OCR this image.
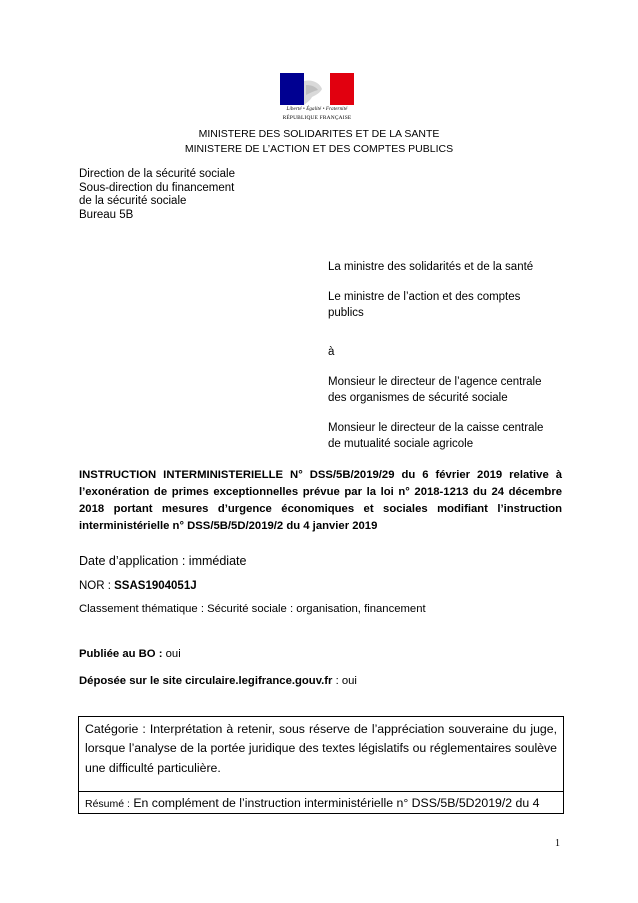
Liberté • Égalité • Fraternité
RÉPUBLIQUE FRANÇAISE
MINISTERE DES SOLIDARITES ET DE LA SANTE
MINISTERE DE L’ACTION ET DES COMPTES PUBLICS
Direction de la sécurité sociale
Sous-direction du financement
de la sécurité sociale
Bureau 5B
La ministre des solidarités et de la santé
Le ministre de l’action et des comptes
publics
à
Monsieur le directeur de l’agence centrale
des organismes de sécurité sociale
Monsieur le directeur de la caisse centrale
de mutualité sociale agricole
INSTRUCTION INTERMINISTERIELLE N° DSS/5B/2019/29 du 6 février 2019 relative à l’exonération de primes exceptionnelles prévue par la loi n° 2018-1213 du 24 décembre 2018 portant mesures d’urgence économiques et sociales modifiant l’instruction interministérielle n° DSS/5B/5D/2019/2 du 4 janvier 2019
Date d’application : immédiate
NOR : SSAS1904051J
Classement thématique : Sécurité sociale : organisation, financement
Publiée au BO : oui
Déposée sur le site circulaire.legifrance.gouv.fr : oui
Catégorie : Interprétation à retenir, sous réserve de l’appréciation souveraine du juge, lorsque l’analyse de la portée juridique des textes législatifs ou réglementaires soulève une difficulté particulière.
Résumé : En complément de l’instruction interministérielle n° DSS/5B/5D2019/2 du 4
1
